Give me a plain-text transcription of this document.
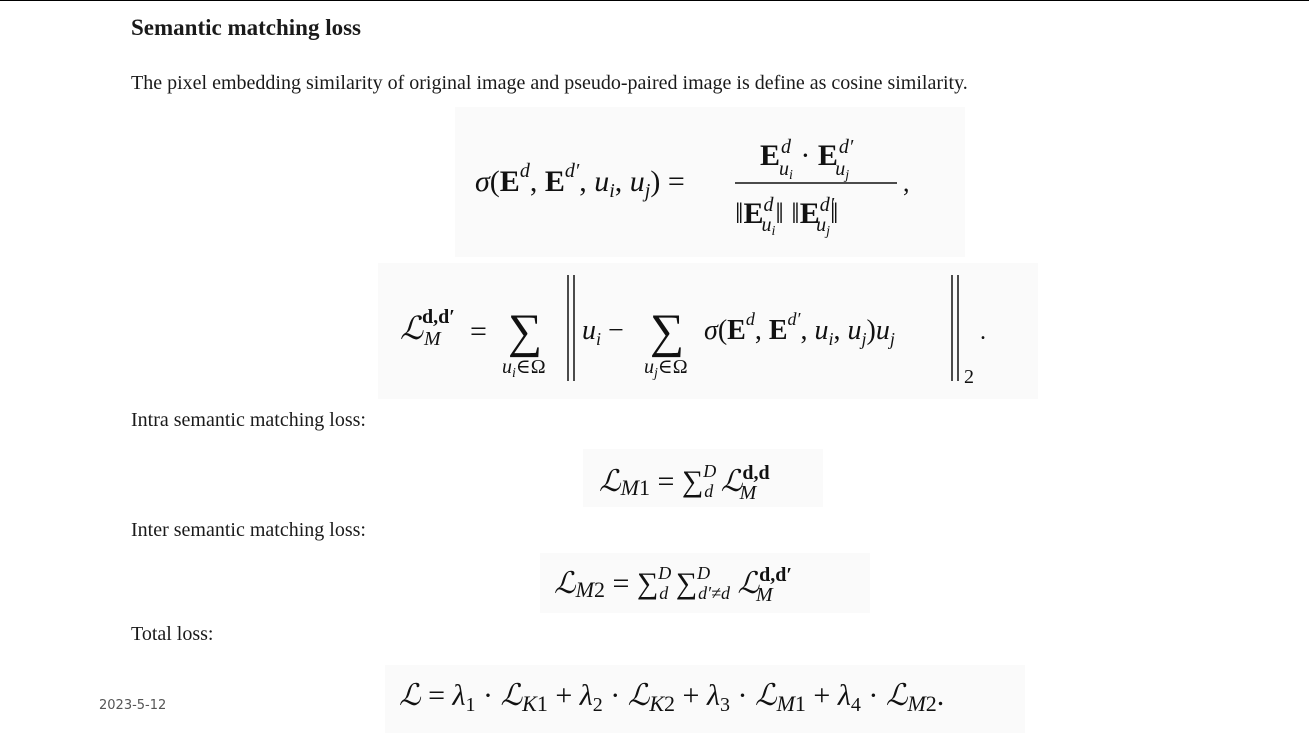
Semantic matching loss
The pixel embedding similarity of original image and pseudo-paired image is define as cosine similarity.
$\sigma(E^d$, $E^{d'}$, $u_i$, $u_j$) =
$E^d$ ui · $E^{d'}$ uj
$‖E^d$ ui‖ $‖E^{d'}$ uj‖
,
ℒ
d,d′
M = ∑
$u_i\in\Omega$
$u_i$ − ∑
$u_j\in\Omega$
$\sigma(E^d$, $E^{d'}$, $u_i$, $u_j)u_j$
2
.
Intra semantic matching loss:
ℒM1 = ∑$^D$ d ℒ$^{d,d}$ M
Inter semantic matching loss:
ℒM2 = ∑$^D$ d ∑$^D$ d′≠d ℒ$^{d,d'}$ M
Total loss:
ℒ = $\lambda_1$ · ℒ$_K$1 + $\lambda_2$ · ℒ$_K$2 + $\lambda_3$ · ℒ$_M$1 + $\lambda_4$ · ℒ$_M$2.
2023-5-12
